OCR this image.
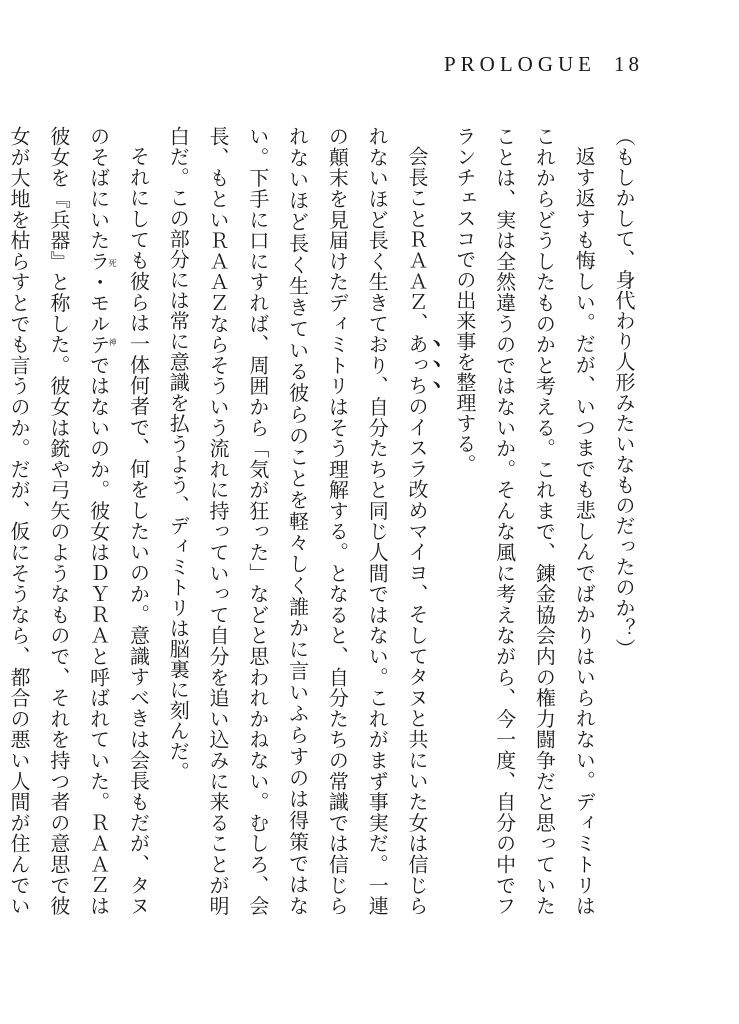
PROLOGUE 18

（もしかして、身代わり人形みたいなものだったのか？）

返す返すも悔しい。だが、いつまでも悲しんでばかりはいられない。ディミトリはこれからどうしたものかと考える。これまで、錬金協会内の権力闘争だと思っていたことは、実は全然違うのではないか。そんな風に考えながら、今一度、自分の中でフランチェスコでの出来事を整理する。

会長ことＲＡＡＺ、あっちのイスラ改めマイヨ、そしてタヌと共にいた女は信じられないほど長く生きており、自分たちと同じ人間ではない。これがまず事実だ。一連の顛末を見届けたディミトリはそう理解する。となると、自分たちの常識では信じられないほど長く生きている彼らのことを軽々しく誰かに言いふらすのは得策ではない。下手に口にすれば、周囲から「気が狂った」などと思われかねない。むしろ、会長、もといＲＡＡＺならそういう流れに持っていって自分を追い込みに来ることが明白だ。この部分には常に意識を払うよう、ディミトリは脳裏に刻んだ。

それにしても彼らは一体何者で、何をしたいのか。意識すべきは会長もだが、タヌのそばにいたラ・モルテ死神ではないのか。彼女はＤＹＲＡと呼ばれていた。ＲＡＡＺは彼女を『兵器』と称した。彼女は銃や弓矢のようなもので、それを持つ者の意思で彼女が大地を枯らすとでも言うのか。だが、仮にそうなら、都合の悪い人間が住んでい
